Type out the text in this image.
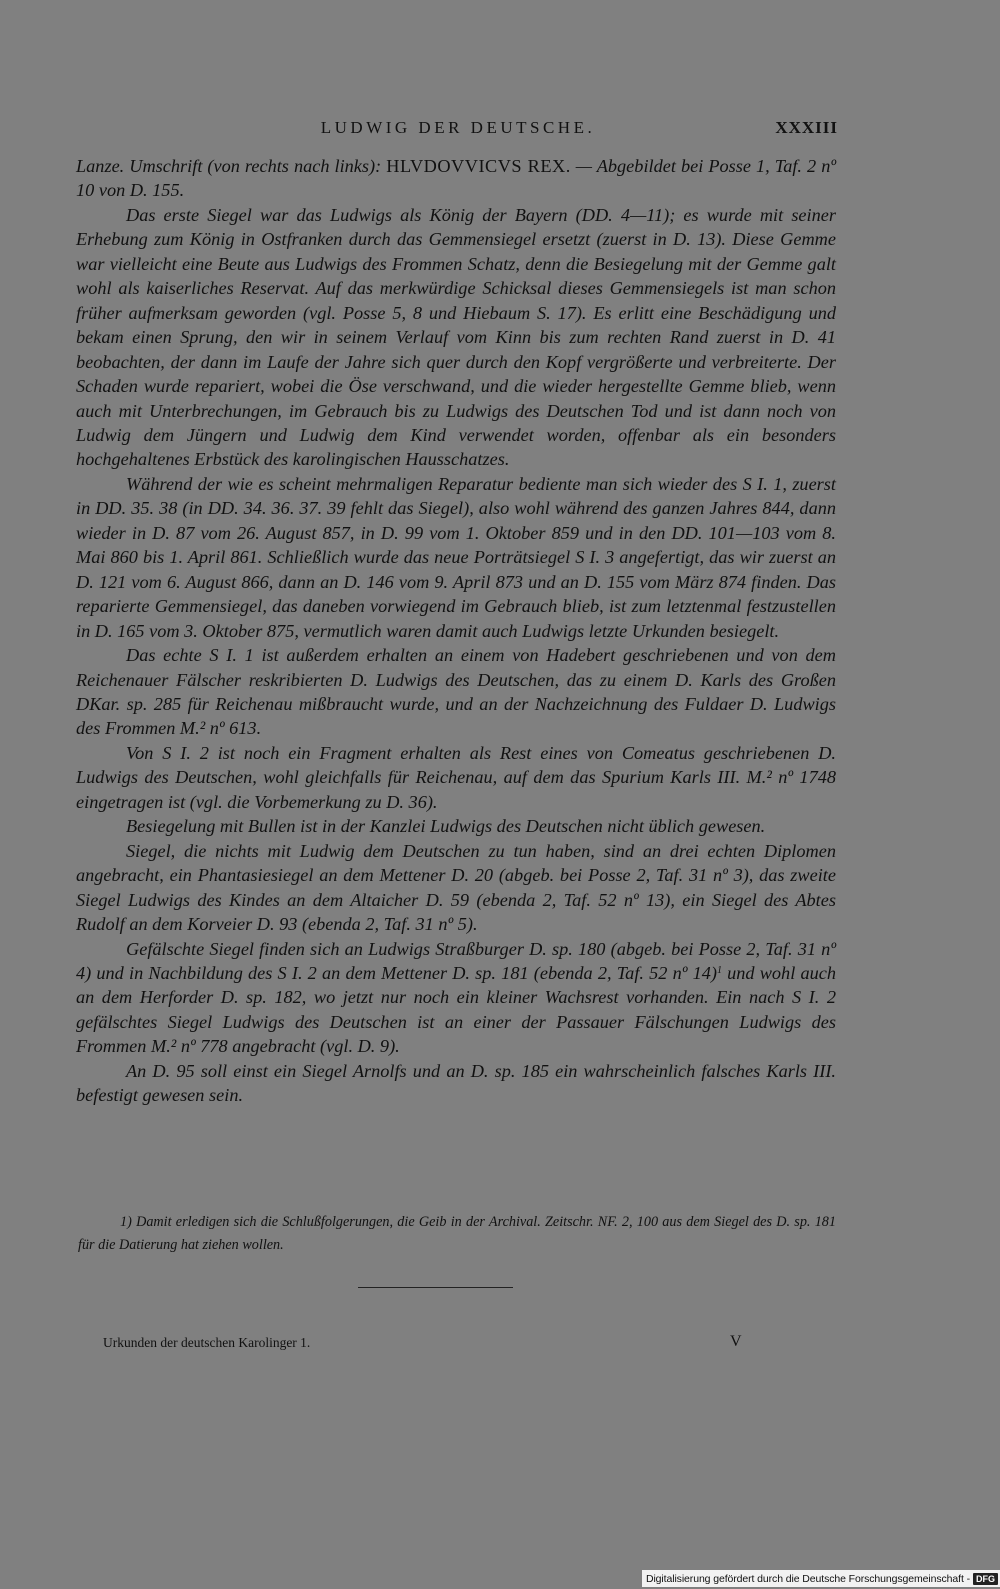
LUDWIG DER DEUTSCHE.	XXXIII

Lanze. Umschrift (von rechts nach links): HLVDOVVICVS REX. — Abgebildet bei Posse 1, Taf. 2 nº 10 von D. 155.

Das erste Siegel war das Ludwigs als König der Bayern (DD. 4—11); es wurde mit seiner Erhebung zum König in Ostfranken durch das Gemmensiegel ersetzt (zuerst in D. 13). Diese Gemme war vielleicht eine Beute aus Ludwigs des Frommen Schatz, denn die Besiegelung mit der Gemme galt wohl als kaiserliches Reservat. Auf das merkwürdige Schicksal dieses Gemmensiegels ist man schon früher aufmerksam geworden (vgl. Posse 5, 8 und Hiebaum S. 17). Es erlitt eine Beschädigung und bekam einen Sprung, den wir in seinem Verlauf vom Kinn bis zum rechten Rand zuerst in D. 41 beobachten, der dann im Laufe der Jahre sich quer durch den Kopf vergrößerte und verbreiterte. Der Schaden wurde repariert, wobei die Öse verschwand, und die wieder hergestellte Gemme blieb, wenn auch mit Unterbrechungen, im Gebrauch bis zu Ludwigs des Deutschen Tod und ist dann noch von Ludwig dem Jüngern und Ludwig dem Kind verwendet worden, offenbar als ein besonders hochgehaltenes Erbstück des karolingischen Hausschatzes.

Während der wie es scheint mehrmaligen Reparatur bediente man sich wieder des S I. 1, zuerst in DD. 35. 38 (in DD. 34. 36. 37. 39 fehlt das Siegel), also wohl während des ganzen Jahres 844, dann wieder in D. 87 vom 26. August 857, in D. 99 vom 1. Oktober 859 und in den DD. 101—103 vom 8. Mai 860 bis 1. April 861. Schließlich wurde das neue Porträtsiegel S I. 3 angefertigt, das wir zuerst an D. 121 vom 6. August 866, dann an D. 146 vom 9. April 873 und an D. 155 vom März 874 finden. Das reparierte Gemmensiegel, das daneben vorwiegend im Gebrauch blieb, ist zum letztenmal festzustellen in D. 165 vom 3. Oktober 875, vermutlich waren damit auch Ludwigs letzte Urkunden besiegelt.

Das echte S I. 1 ist außerdem erhalten an einem von Hadebert geschriebenen und von dem Reichenauer Fälscher reskribierten D. Ludwigs des Deutschen, das zu einem D. Karls des Großen DKar. sp. 285 für Reichenau mißbraucht wurde, und an der Nachzeichnung des Fuldaer D. Ludwigs des Frommen M.² nº 613.

Von S I. 2 ist noch ein Fragment erhalten als Rest eines von Comeatus geschriebenen D. Ludwigs des Deutschen, wohl gleichfalls für Reichenau, auf dem das Spurium Karls III. M.² nº 1748 eingetragen ist (vgl. die Vorbemerkung zu D. 36).

Besiegelung mit Bullen ist in der Kanzlei Ludwigs des Deutschen nicht üblich gewesen.

Siegel, die nichts mit Ludwig dem Deutschen zu tun haben, sind an drei echten Diplomen angebracht, ein Phantasiesiegel an dem Mettener D. 20 (abgeb. bei Posse 2, Taf. 31 nº 3), das zweite Siegel Ludwigs des Kindes an dem Altaicher D. 59 (ebenda 2, Taf. 52 nº 13), ein Siegel des Abtes Rudolf an dem Korveier D. 93 (ebenda 2, Taf. 31 nº 5).

Gefälschte Siegel finden sich an Ludwigs Straßburger D. sp. 180 (abgeb. bei Posse 2, Taf. 31 nº 4) und in Nachbildung des S I. 2 an dem Mettener D. sp. 181 (ebenda 2, Taf. 52 nº 14)$^1$ und wohl auch an dem Herforder D. sp. 182, wo jetzt nur noch ein kleiner Wachsrest vorhanden. Ein nach S I. 2 gefälschtes Siegel Ludwigs des Deutschen ist an einer der Passauer Fälschungen Ludwigs des Frommen M.² nº 778 angebracht (vgl. D. 9).

An D. 95 soll einst ein Siegel Arnolfs und an D. sp. 185 ein wahrscheinlich falsches Karls III. befestigt gewesen sein.

1) Damit erledigen sich die Schlußfolgerungen, die Geib in der Archival. Zeitschr. NF. 2, 100 aus dem Siegel des D. sp. 181 für die Datierung hat ziehen wollen.
Urkunden der deutschen Karolinger 1.	V
Digitalisierung gefördert durch die Deutsche Forschungsgemeinschaft - DFG
